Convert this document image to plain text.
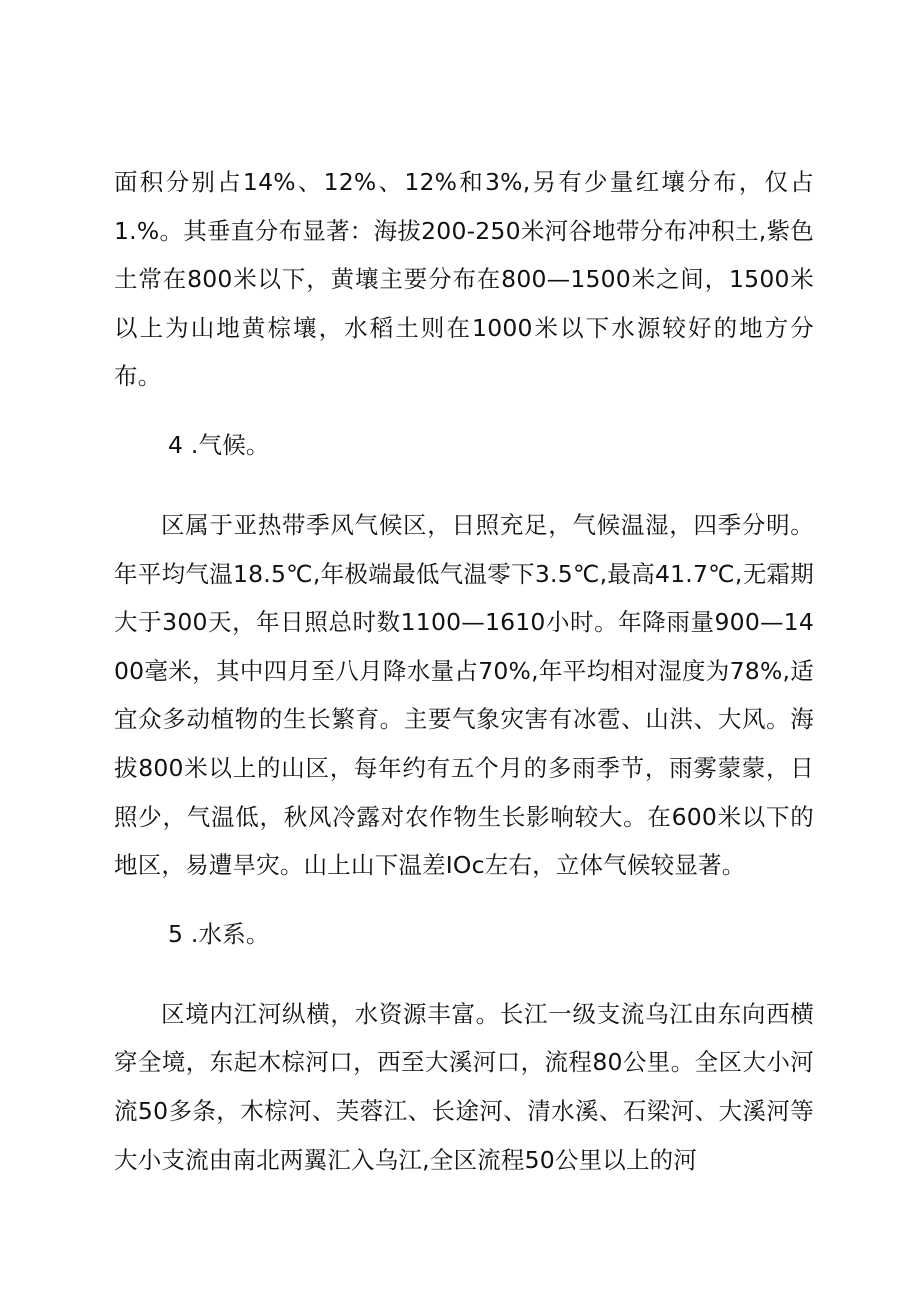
面积分别占14%、12%、12%和3%,另有少量红壤分布，仅占1.%。其垂直分布显著：海拔200-250米河谷地带分布冲积土,紫色土常在800米以下，黄壤主要分布在800—1500米之间，1500米以上为山地黄棕壤，水稻土则在1000米以下水源较好的地方分布。

4 .气候。

区属于亚热带季风气候区，日照充足，气候温湿，四季分明。年平均气温18.5℃,年极端最低气温零下3.5℃,最高41.7℃,无霜期大于300天，年日照总时数1100—1610小时。年降雨量900—1400毫米，其中四月至八月降水量占70%,年平均相对湿度为78%,适宜众多动植物的生长繁育。主要气象灾害有冰雹、山洪、大风。海拔800米以上的山区，每年约有五个月的多雨季节，雨雾蒙蒙，日照少，气温低，秋风冷露对农作物生长影响较大。在600米以下的地区，易遭旱灾。山上山下温差IOc左右，立体气候较显著。

5 .水系。

区境内江河纵横，水资源丰富。长江一级支流乌江由东向西横穿全境，东起木棕河口，西至大溪河口，流程80公里。全区大小河流50多条，木棕河、芙蓉江、长途河、清水溪、石梁河、大溪河等大小支流由南北两翼汇入乌江,全区流程50公里以上的河
